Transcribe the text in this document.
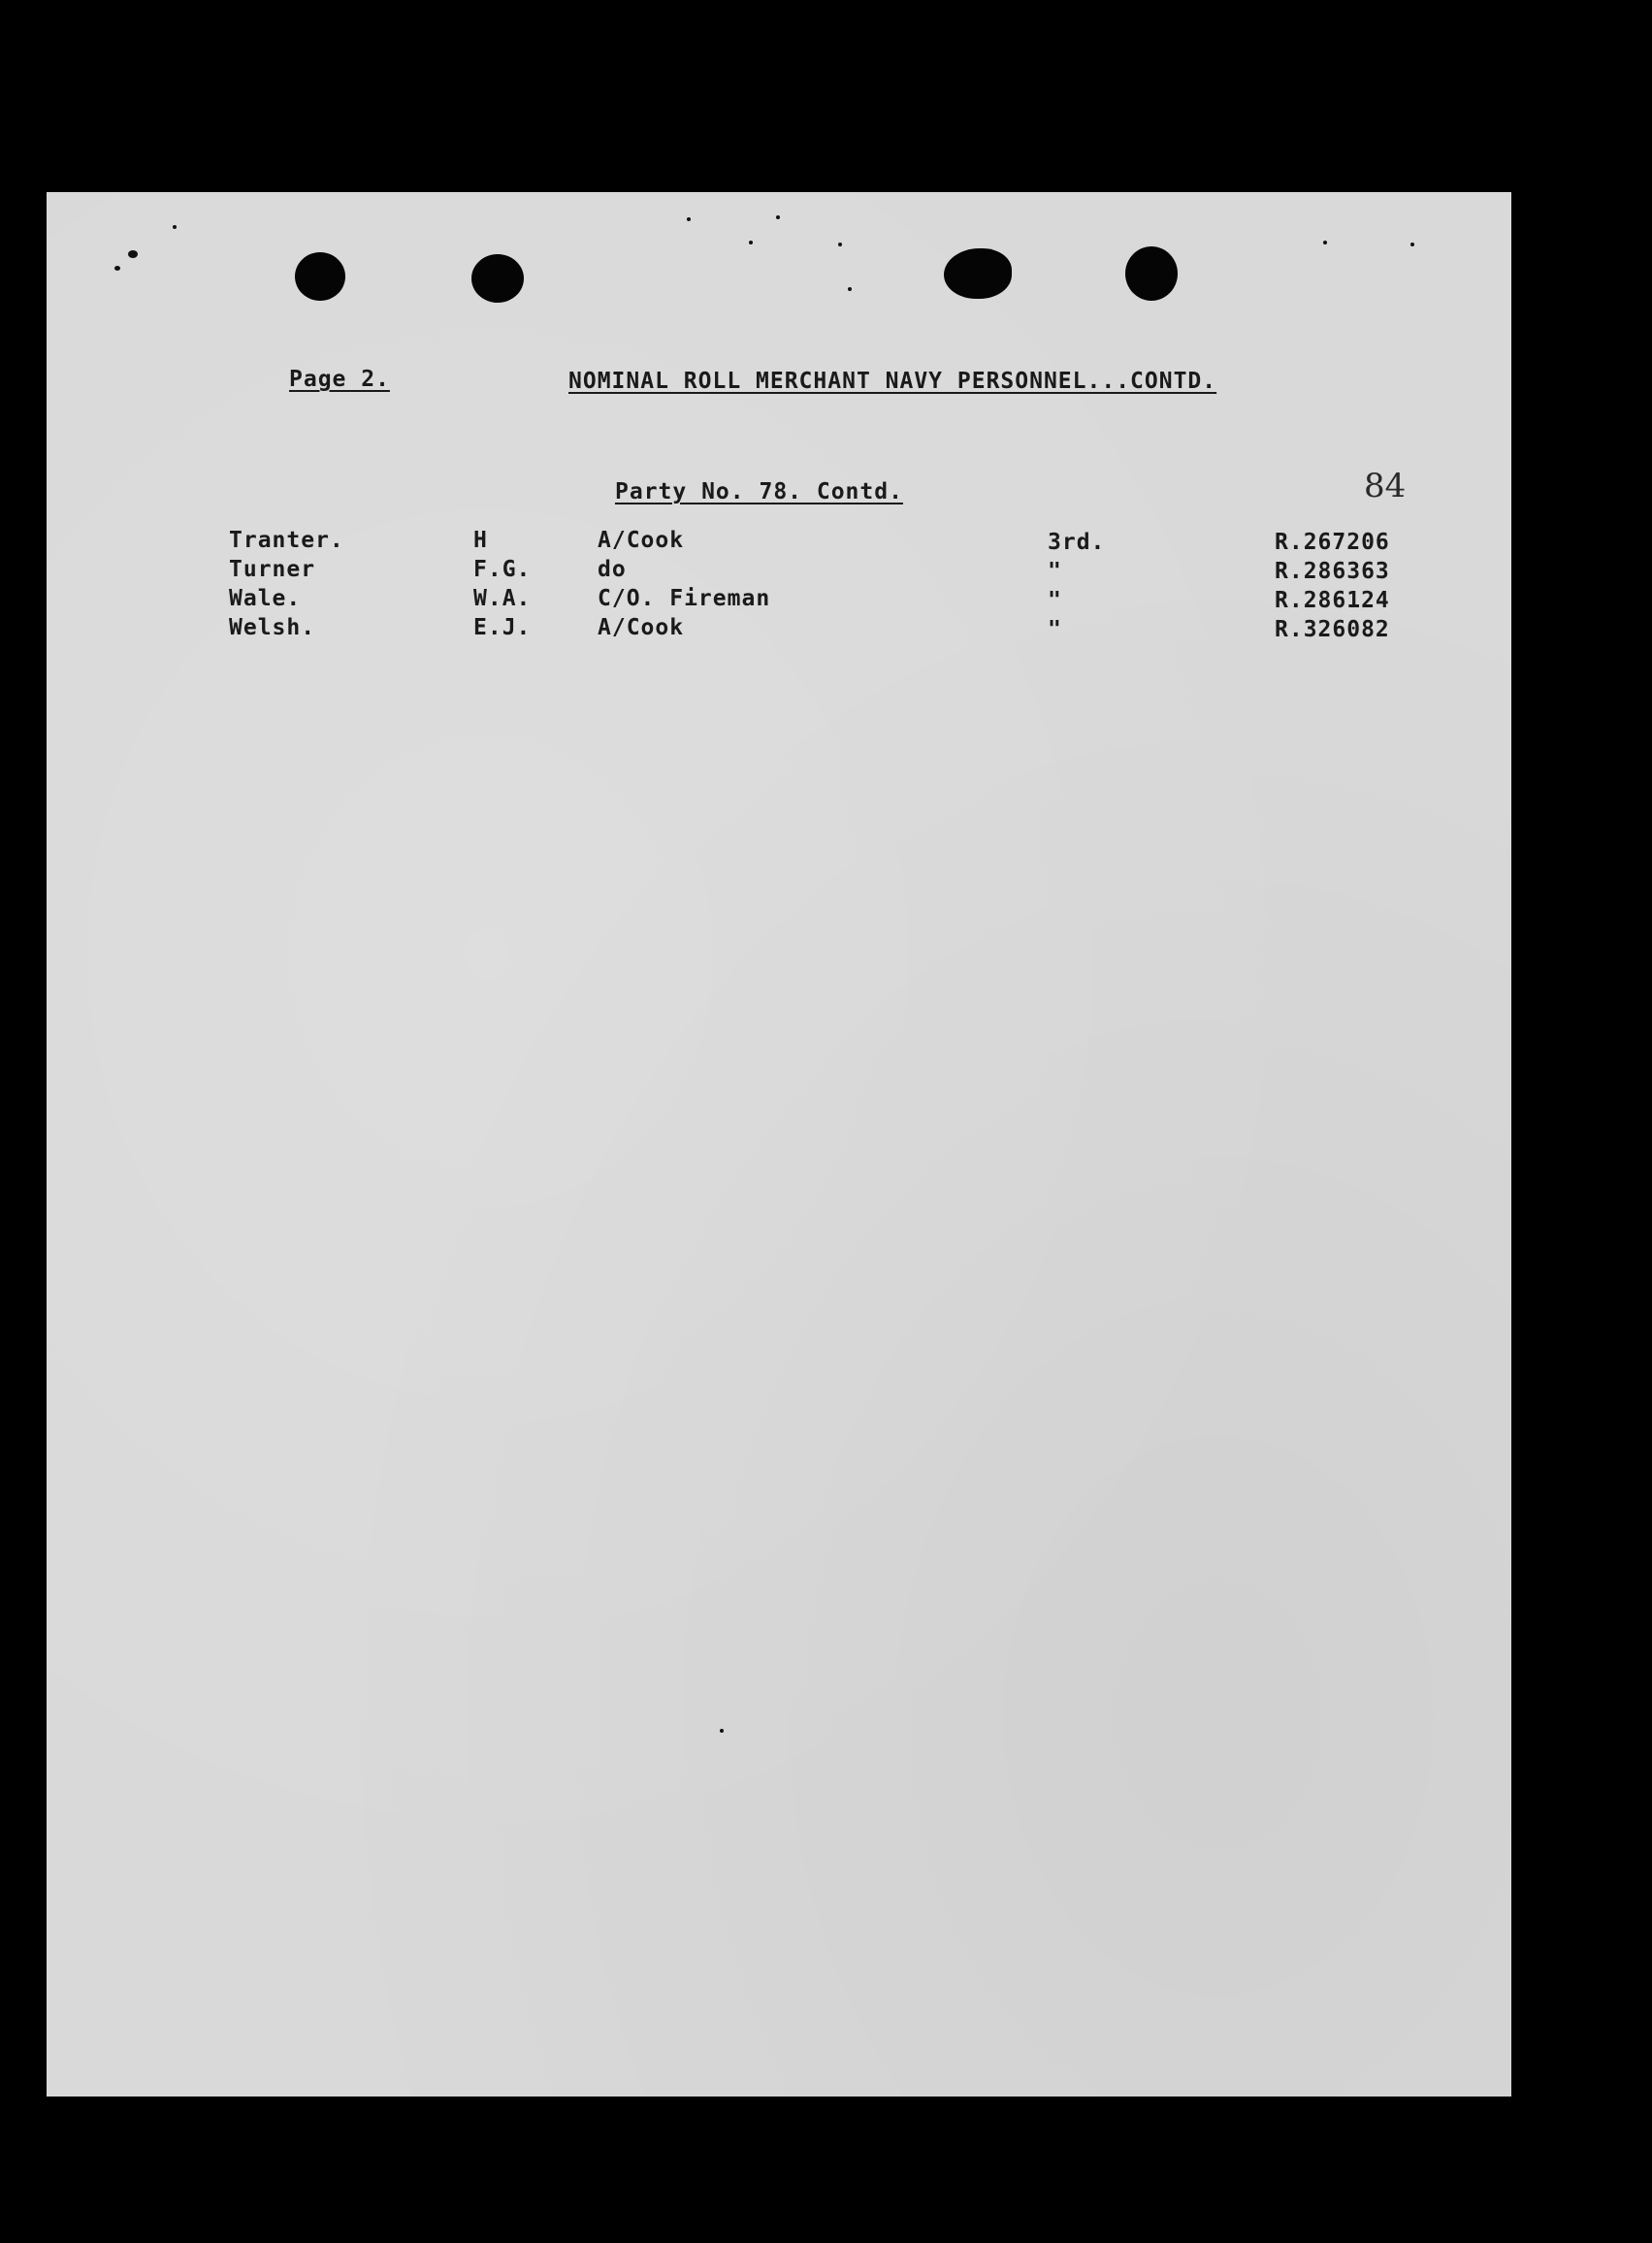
Page 2.	NOMINAL ROLL MERCHANT NAVY PERSONNEL...CONTD.
84
Party No. 78. Contd.
Tranter.	H	A/Cook	3rd.	R.267206
Turner	F.G.	do	"	R.286363
Wale.	W.A.	C/O. Fireman	"	R.286124
Welsh.	E.J.	A/Cook	"	R.326082
